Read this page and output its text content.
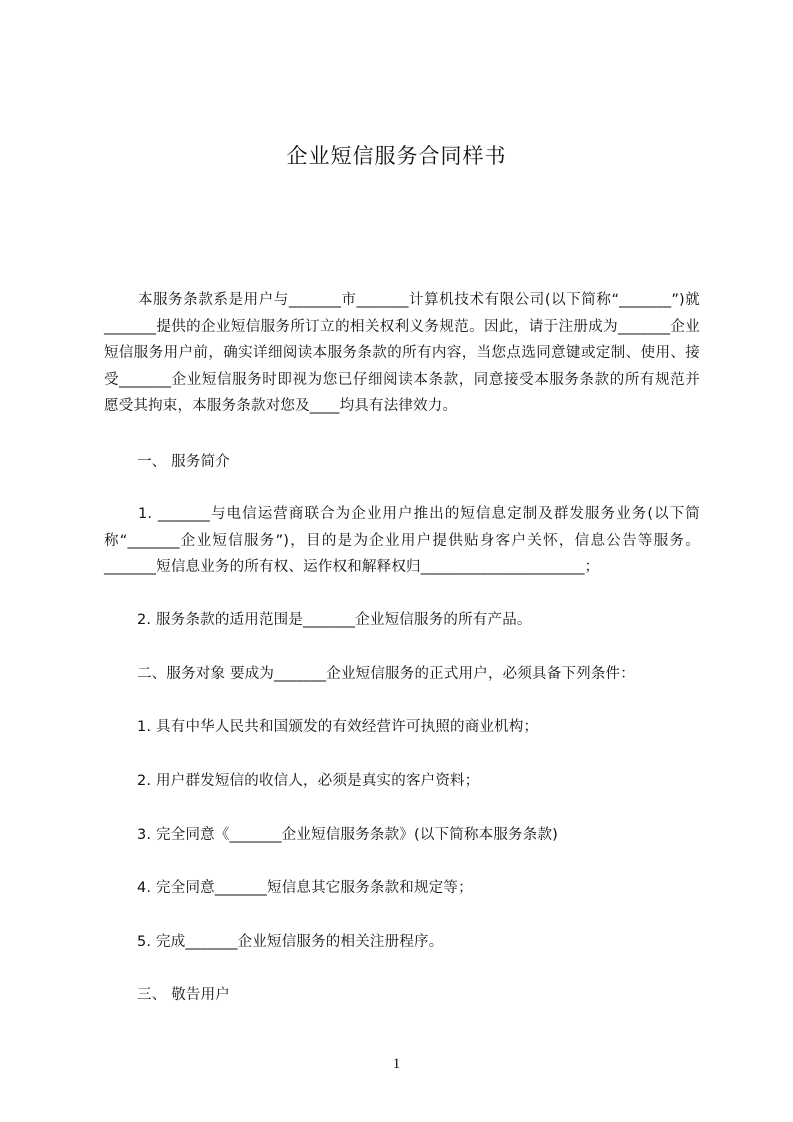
企业短信服务合同样书
本服务条款系是用户与_______市_______计算机技术有限公司(以下简称“_______”)就_______提供的企业短信服务所订立的相关权利义务规范。因此，请于注册成为_______企业短信服务用户前，确实详细阅读本服务条款的所有内容，当您点选同意键或定制、使用、接受_______企业短信服务时即视为您已仔细阅读本条款，同意接受本服务条款的所有规范并愿受其拘束，本服务条款对您及____均具有法律效力。
一、 服务简介
1. _______与电信运营商联合为企业用户推出的短信息定制及群发服务业务(以下简称“_______企业短信服务”)，目的是为企业用户提供贴身客户关怀，信息公告等服务。_______短信息业务的所有权、运作权和解释权归______________________；
2. 服务条款的适用范围是_______企业短信服务的所有产品。
二、服务对象 要成为_______企业短信服务的正式用户，必须具备下列条件：
1. 具有中华人民共和国颁发的有效经营许可执照的商业机构；
2. 用户群发短信的收信人，必须是真实的客户资料；
3. 完全同意《_______企业短信服务条款》(以下简称本服务条款)
4. 完全同意_______短信息其它服务条款和规定等；
5. 完成_______企业短信服务的相关注册程序。
三、 敬告用户
1
